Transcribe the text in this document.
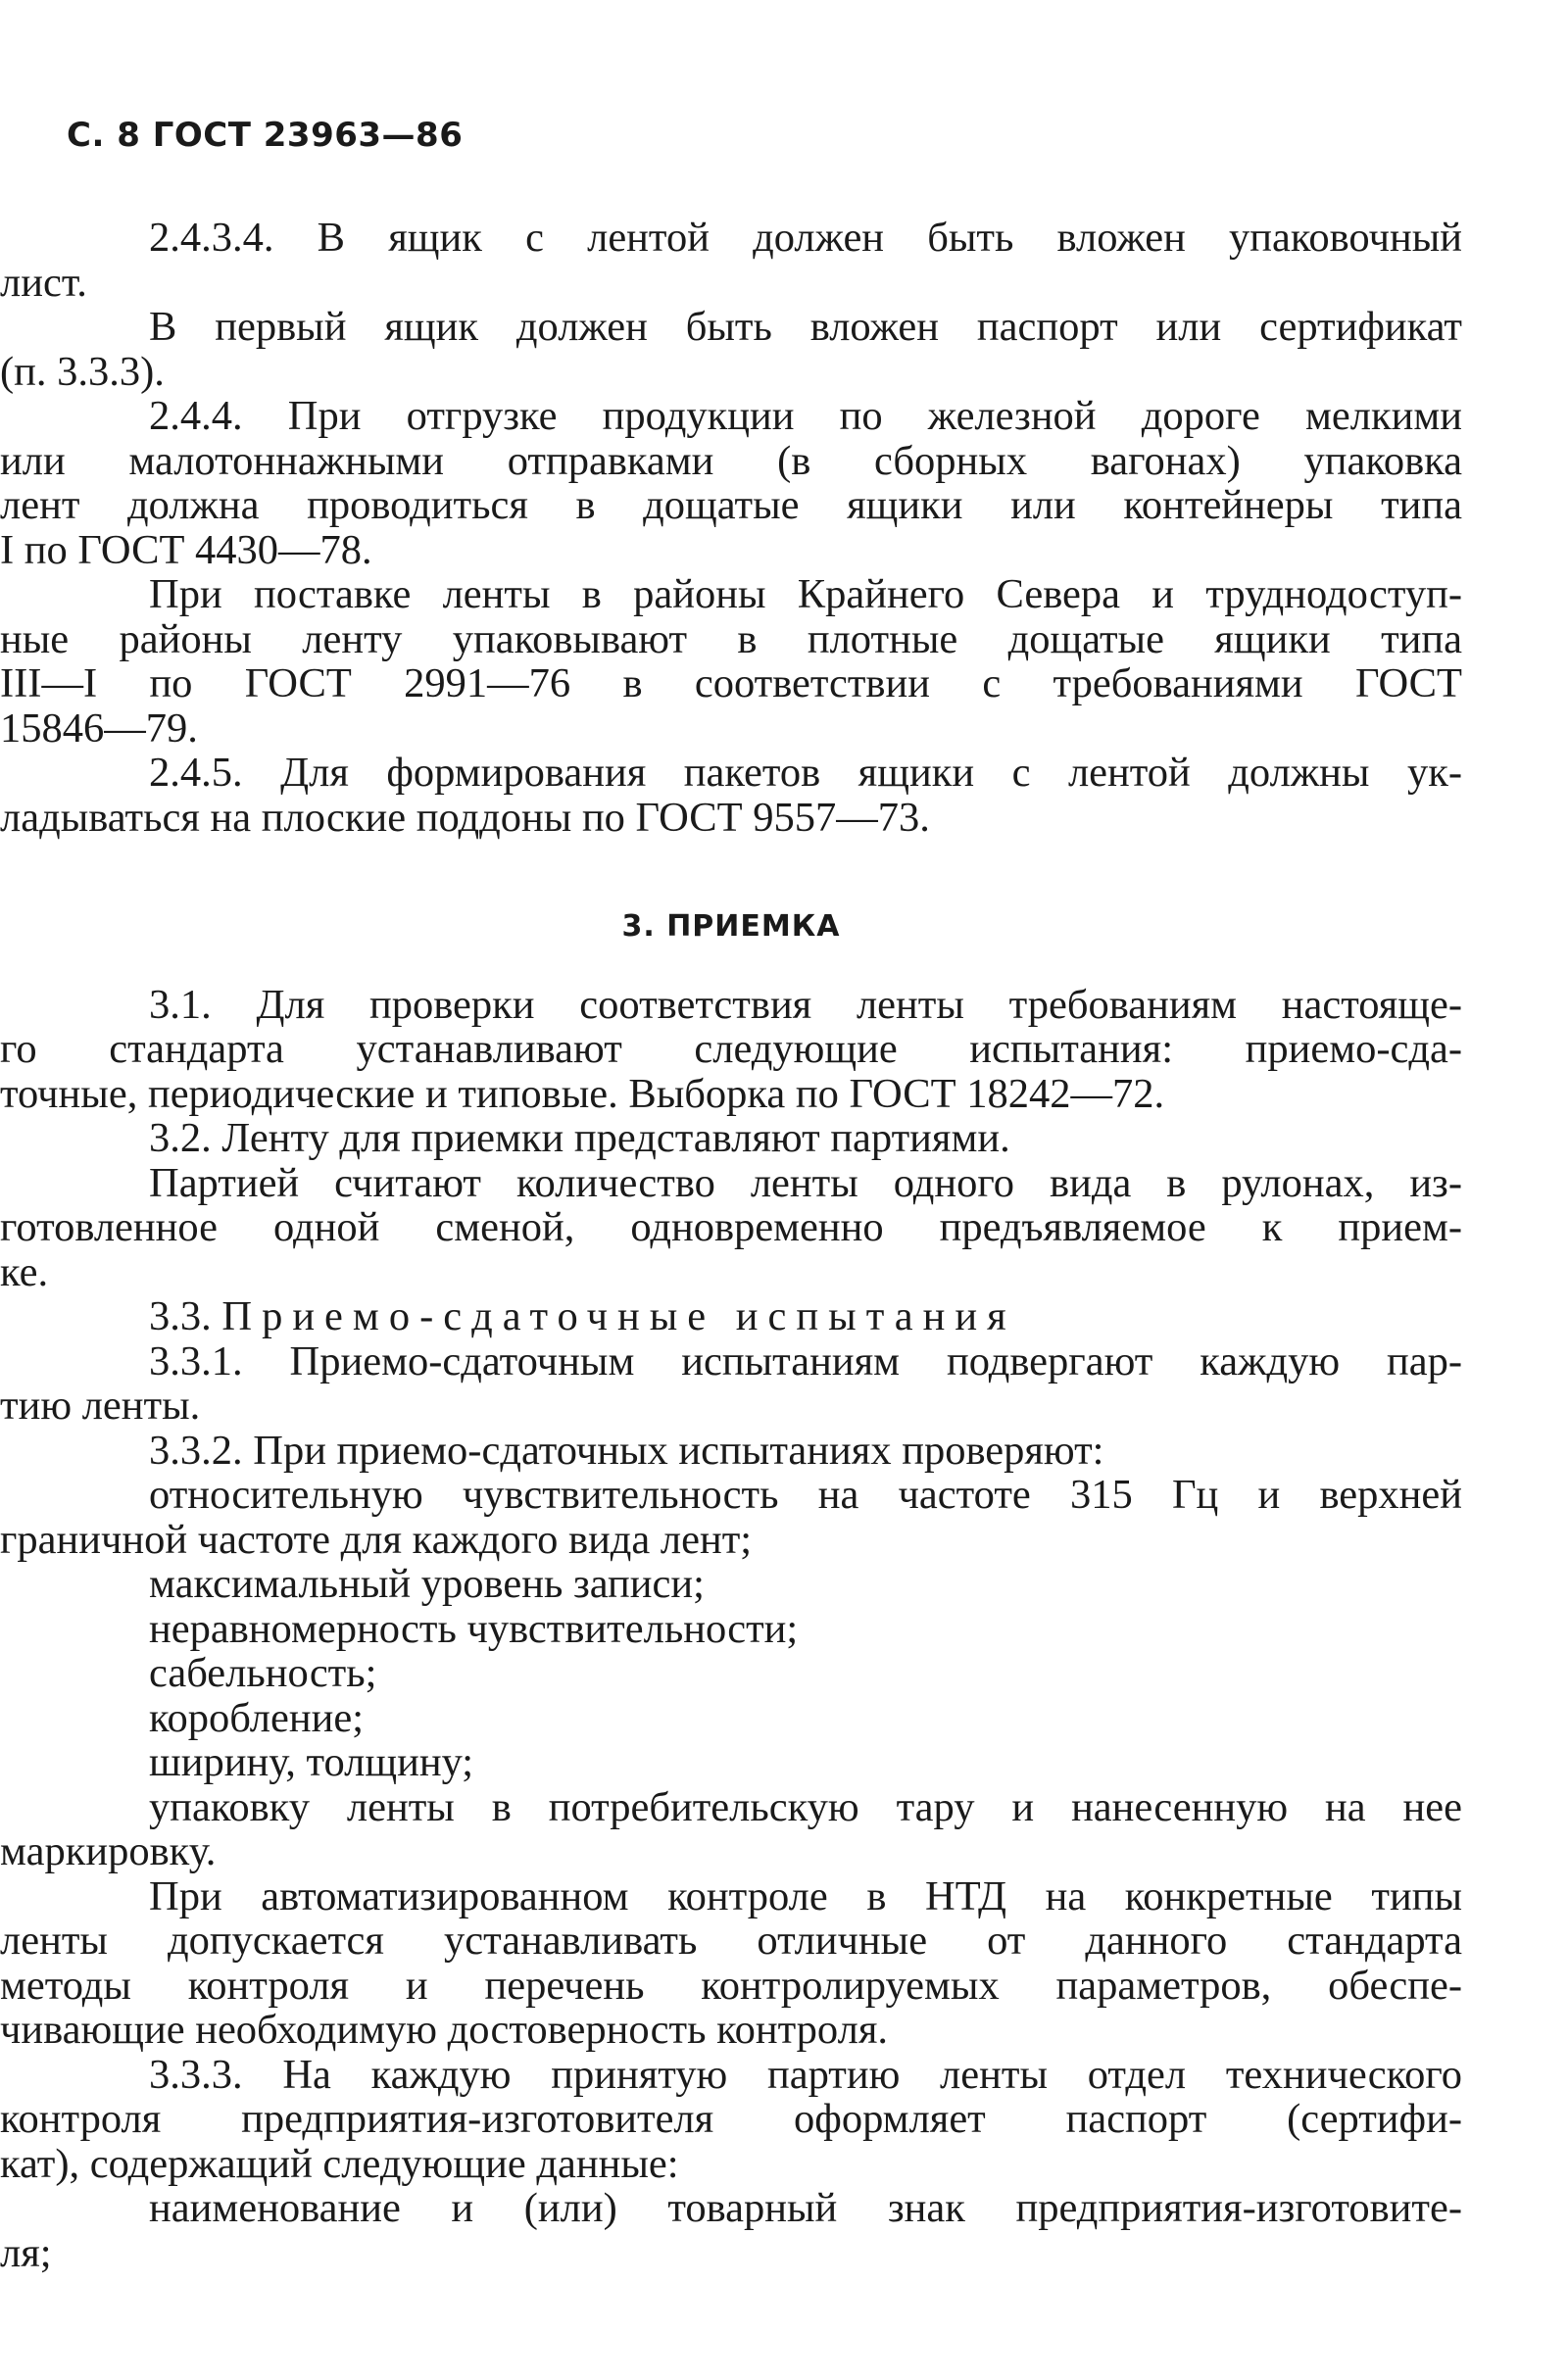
С. 8 ГОСТ 23963—86
2.4.3.4. В ящик с лентой должен быть вложен упаковочный
лист.
В первый ящик должен быть вложен паспорт или сертификат
(п. 3.3.3).
2.4.4. При отгрузке продукции по железной дороге мелкими
или малотоннажными отправками (в сборных вагонах) упаковка
лент должна проводиться в дощатые ящики или контейнеры типа
I по ГОСТ 4430—78.
При поставке ленты в районы Крайнего Севера и труднодоступ-
ные районы ленту упаковывают в плотные дощатые ящики типа
III—I по ГОСТ 2991—76 в соответствии с требованиями ГОСТ
15846—79.
2.4.5. Для формирования пакетов ящики с лентой должны ук-
ладываться на плоские поддоны по ГОСТ 9557—73.
3. ПРИЕМКА
3.1. Для проверки соответствия ленты требованиям настояще-
го стандарта устанавливают следующие испытания: приемо-сда-
точные, периодические и типовые. Выборка по ГОСТ 18242—72.
3.2. Ленту для приемки представляют партиями.
Партией считают количество ленты одного вида в рулонах, из-
готовленное одной сменой, одновременно предъявляемое к прием-
ке.
3.3. Приемо-сдаточные испытания
3.3.1. Приемо-сдаточным испытаниям подвергают каждую пар-
тию ленты.
3.3.2. При приемо-сдаточных испытаниях проверяют:
относительную чувствительность на частоте 315 Гц и верхней
граничной частоте для каждого вида лент;
максимальный уровень записи;
неравномерность чувствительности;
сабельность;
коробление;
ширину, толщину;
упаковку ленты в потребительскую тару и нанесенную на нее
маркировку.
При автоматизированном контроле в НТД на конкретные типы
ленты допускается устанавливать отличные от данного стандарта
методы контроля и перечень контролируемых параметров, обеспе-
чивающие необходимую достоверность контроля.
3.3.3. На каждую принятую партию ленты отдел технического
контроля предприятия-изготовителя оформляет паспорт (сертифи-
кат), содержащий следующие данные:
наименование и (или) товарный знак предприятия-изготовите-
ля;
